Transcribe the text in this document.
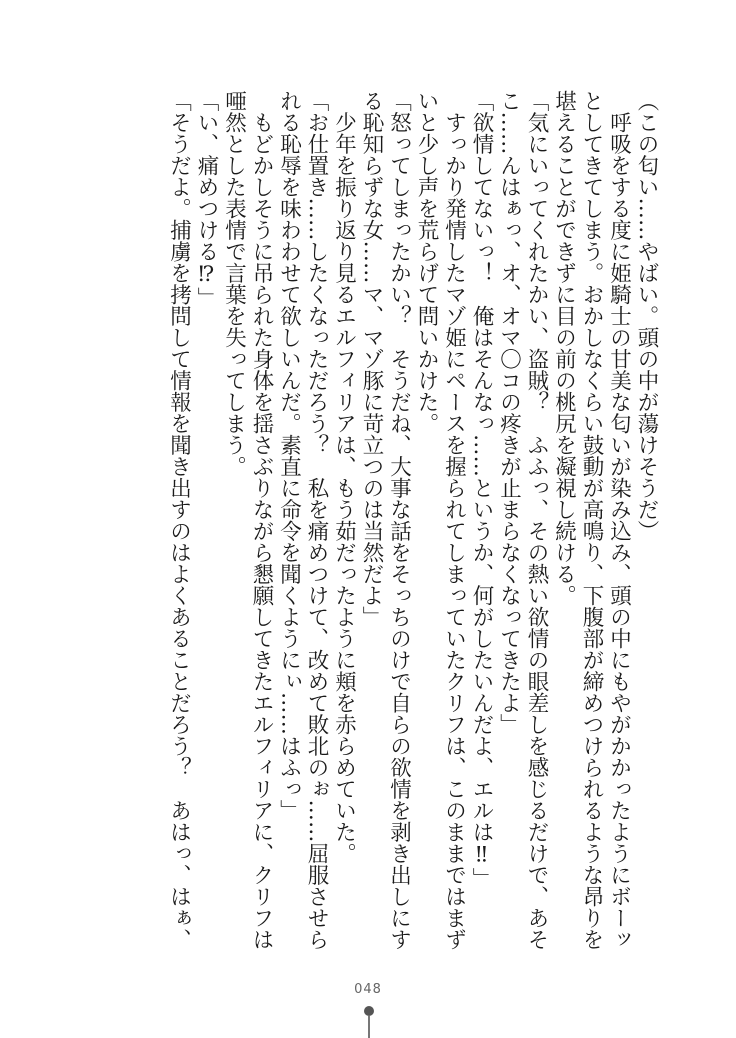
（この匂い……やばい。頭の中が蕩けそうだ）
　呼吸をする度に姫騎士の甘美な匂いが染み込み、頭の中にもやがかかったようにボーッ
としてきてしまう。おかしなくらい鼓動が高鳴り、下腹部が締めつけられるような昂りを
堪えることができずに目の前の桃尻を凝視し続ける。
「気にいってくれたかい、盗賊？　ふふっ、その熱い欲情の眼差しを感じるだけで、あそ
こ……んはぁっ、オ、オマ〇コの疼きが止まらなくなってきたよ」
「欲情してないっ！　俺はそんなっ……というか、何がしたいんだよ、エルは‼」
　すっかり発情したマゾ姫にペースを握られてしまっていたクリフは、このままではまず
いと少し声を荒らげて問いかけた。
「怒ってしまったかい？　そうだね、大事な話をそっちのけで自らの欲情を剥き出しにす
る恥知らずな女……マ、マゾ豚に苛立つのは当然だよ」
　少年を振り返り見るエルフィリアは、もう茹だったように頬を赤らめていた。
「お仕置き……したくなっただろう？　私を痛めつけて、改めて敗北のぉ……屈服させら
れる恥辱を味わわせて欲しいんだ。素直に命令を聞くようにぃ……はふっ」
　もどかしそうに吊られた身体を揺さぶりながら懇願してきたエルフィリアに、クリフは
唖然とした表情で言葉を失ってしまう。
「い、痛めつける⁉」
「そうだよ。捕虜を拷問して情報を聞き出すのはよくあることだろう？　あはっ、はぁ、
048
